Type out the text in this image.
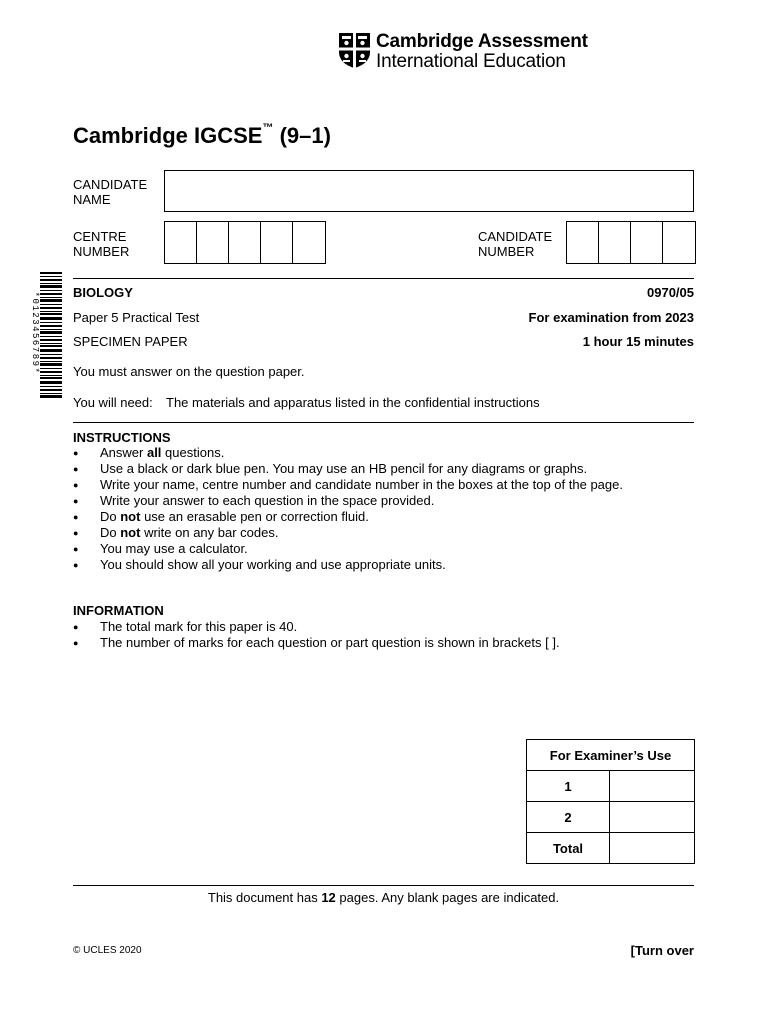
Cambridge Assessment
International Education
Cambridge IGCSE™ (9–1)
CANDIDATE
NAME
CENTRE
NUMBER
CANDIDATE
NUMBER
*0123456789*	BIOLOGY	0970/05
Paper 5 Practical Test	For examination from 2023
SPECIMEN PAPER	1 hour 15 minutes
You must answer on the question paper.
You will need: The materials and apparatus listed in the confidential instructions
INSTRUCTIONS
● Answer all questions.
● Use a black or dark blue pen. You may use an HB pencil for any diagrams or graphs.
● Write your name, centre number and candidate number in the boxes at the top of the page.
● Write your answer to each question in the space provided.
● Do not use an erasable pen or correction fluid.
● Do not write on any bar codes.
● You may use a calculator.
● You should show all your working and use appropriate units.
INFORMATION
● The total mark for this paper is 40.
● The number of marks for each question or part question is shown in brackets [ ].
For Examiner’s Use	
1	
2	
Total	
This document has 12 pages. Any blank pages are indicated.
© UCLES 2020	[Turn over
